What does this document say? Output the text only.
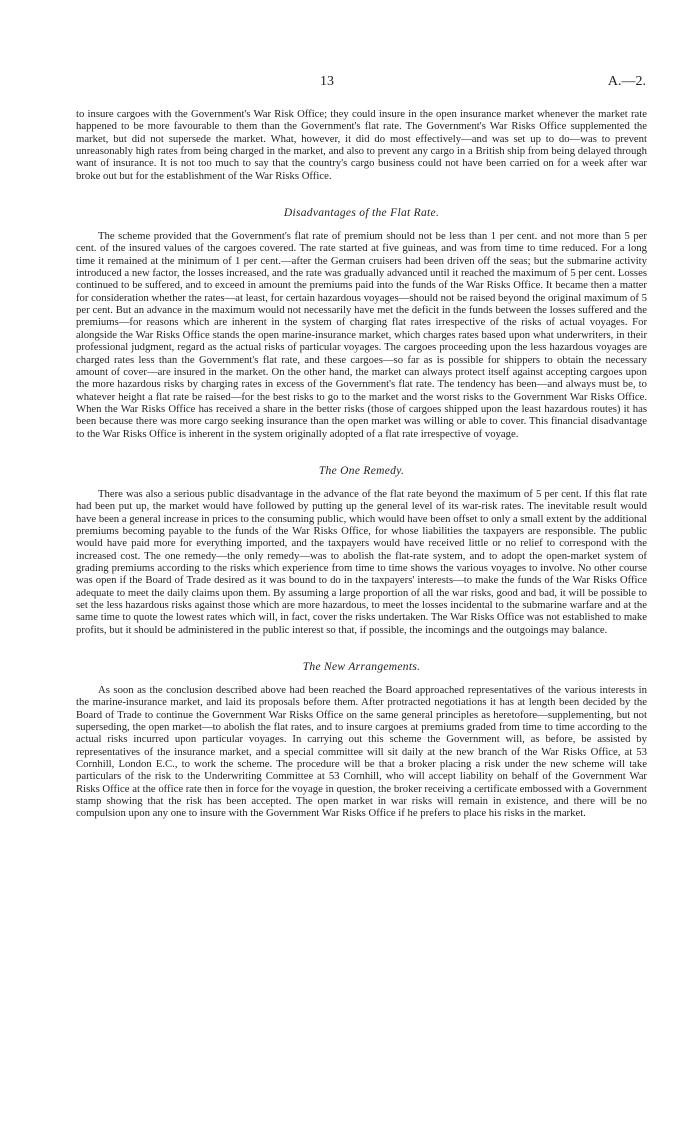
13	A.—2.

to insure cargoes with the Government's War Risk Office; they could insure in the open insurance market whenever the market rate happened to be more favourable to them than the Government's flat rate. The Government's War Risks Office supplemented the market, but did not supersede the market. What, however, it did do most effectively—and was set up to do—was to prevent unreasonably high rates from being charged in the market, and also to prevent any cargo in a British ship from being delayed through want of insurance. It is not too much to say that the country's cargo business could not have been carried on for a week after war broke out but for the establishment of the War Risks Office.

Disadvantages of the Flat Rate.

The scheme provided that the Government's flat rate of premium should not be less than 1 per cent. and not more than 5 per cent. of the insured values of the cargoes covered. The rate started at five guineas, and was from time to time reduced. For a long time it remained at the minimum of 1 per cent.—after the German cruisers had been driven off the seas; but the submarine activity introduced a new factor, the losses increased, and the rate was gradually advanced until it reached the maximum of 5 per cent. Losses continued to be suffered, and to exceed in amount the premiums paid into the funds of the War Risks Office. It became then a matter for consideration whether the rates—at least, for certain hazardous voyages—should not be raised beyond the original maximum of 5 per cent. But an advance in the maximum would not necessarily have met the deficit in the funds between the losses suffered and the premiums—for reasons which are inherent in the system of charging flat rates irrespective of the risks of actual voyages. For alongside the War Risks Office stands the open marine-insurance market, which charges rates based upon what underwriters, in their professional judgment, regard as the actual risks of particular voyages. The cargoes proceeding upon the less hazardous voyages are charged rates less than the Government's flat rate, and these cargoes—so far as is possible for shippers to obtain the necessary amount of cover—are insured in the market. On the other hand, the market can always protect itself against accepting cargoes upon the more hazardous risks by charging rates in excess of the Government's flat rate. The tendency has been—and always must be, to whatever height a flat rate be raised—for the best risks to go to the market and the worst risks to the Government War Risks Office. When the War Risks Office has received a share in the better risks (those of cargoes shipped upon the least hazardous routes) it has been because there was more cargo seeking insurance than the open market was willing or able to cover. This financial disadvantage to the War Risks Office is inherent in the system originally adopted of a flat rate irrespective of voyage.

The One Remedy.

There was also a serious public disadvantage in the advance of the flat rate beyond the maximum of 5 per cent. If this flat rate had been put up, the market would have followed by putting up the general level of its war-risk rates. The inevitable result would have been a general increase in prices to the consuming public, which would have been offset to only a small extent by the additional premiums becoming payable to the funds of the War Risks Office, for whose liabilities the taxpayers are responsible. The public would have paid more for everything imported, and the taxpayers would have received little or no relief to correspond with the increased cost. The one remedy—the only remedy—was to abolish the flat-rate system, and to adopt the open-market system of grading premiums according to the risks which experience from time to time shows the various voyages to involve. No other course was open if the Board of Trade desired as it was bound to do in the taxpayers' interests—to make the funds of the War Risks Office adequate to meet the daily claims upon them. By assuming a large proportion of all the war risks, good and bad, it will be possible to set the less hazardous risks against those which are more hazardous, to meet the losses incidental to the submarine warfare and at the same time to quote the lowest rates which will, in fact, cover the risks undertaken. The War Risks Office was not established to make profits, but it should be administered in the public interest so that, if possible, the incomings and the outgoings may balance.

The New Arrangements.

As soon as the conclusion described above had been reached the Board approached representatives of the various interests in the marine-insurance market, and laid its proposals before them. After protracted negotiations it has at length been decided by the Board of Trade to continue the Government War Risks Office on the same general principles as heretofore—supplementing, but not superseding, the open market—to abolish the flat rates, and to insure cargoes at premiums graded from time to time according to the actual risks incurred upon particular voyages. In carrying out this scheme the Government will, as before, be assisted by representatives of the insurance market, and a special committee will sit daily at the new branch of the War Risks Office, at 53 Cornhill, London E.C., to work the scheme. The procedure will be that a broker placing a risk under the new scheme will take particulars of the risk to the Underwriting Committee at 53 Cornhill, who will accept liability on behalf of the Government War Risks Office at the office rate then in force for the voyage in question, the broker receiving a certificate embossed with a Government stamp showing that the risk has been accepted. The open market in war risks will remain in existence, and there will be no compulsion upon any one to insure with the Government War Risks Office if he prefers to place his risks in the market.
